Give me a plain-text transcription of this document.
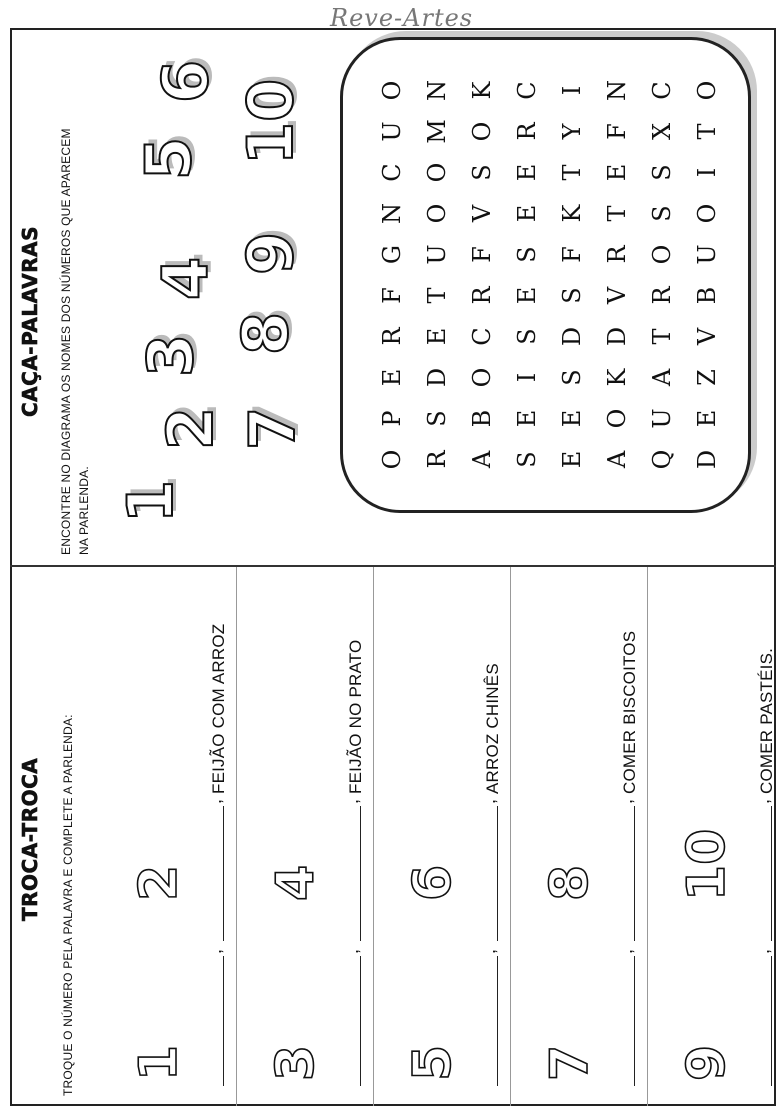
Reve-Artes
CAÇA-PALAVRAS ENCONTRE NO DIAGRAMA OS NOMES DOS NÚMEROS QUE APARECEM NA PARLENDA. 1
2
3
4
5
6
7
8
9
10
O
P
E
R
F
G
N
C
U
O
R
S
D
E
T
U
O
O
M
N
A
B
O
C
R
F
V
S
O
K
S
E
I
S
E
S
E
E
R
C
E
E
S
D
S
F
K
T
Y
I
A
O
K
D
V
R
T
E
F
N
Q
U
A
T
R
O
S
S
X
C
D
E
Z
V
B
U
O
I
T
O
TROCA-TROCA TROQUE O NÚMERO PELA PALAVRA E COMPLETE A PARLENDA: 1
,
2
,
FEIJÃO COM ARROZ
3
,
4
,
FEIJÃO NO PRATO
5
,
6
,
ARROZ CHINÊS
7
,
8
,
COMER BISCOITOS
9
,
10
,
COMER PASTÉIS.
